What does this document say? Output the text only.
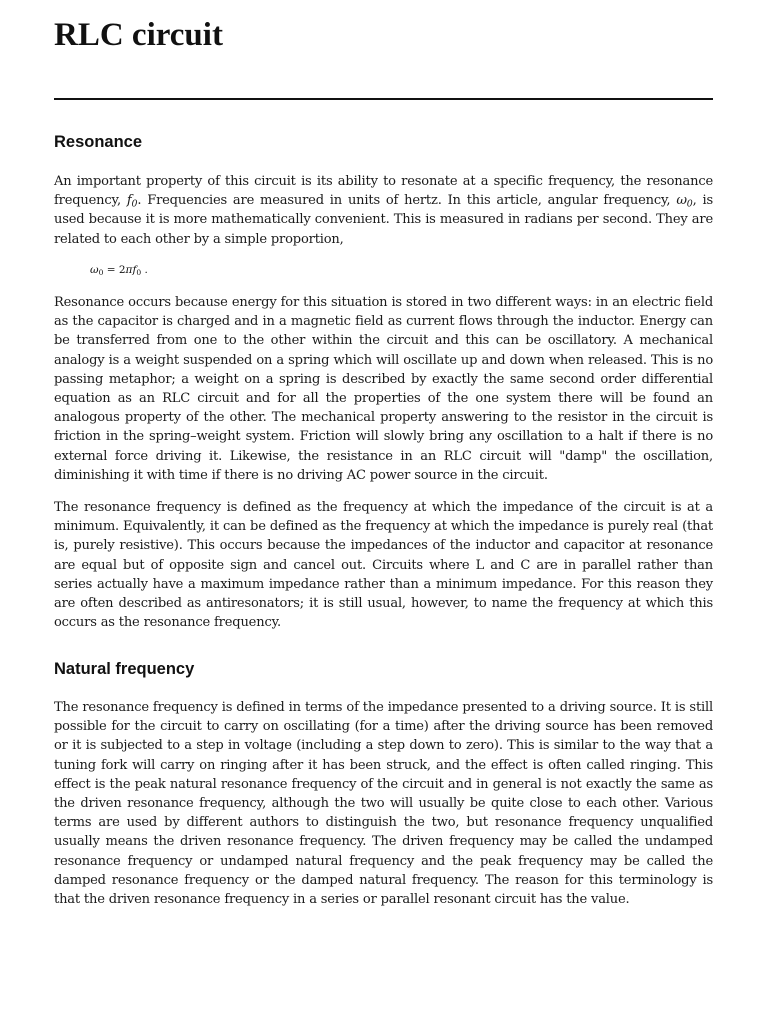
RLC circuit
Resonance

An important property of this circuit is its ability to resonate at a specific frequency, the resonance frequency, $f_0$. Frequencies are measured in units of hertz. In this article, angular frequency, $\omega_0$, is used because it is more mathematically convenient. This is measured in radians per second. They are related to each other by a simple proportion,

$\omega_0 = 2\pi f_0$ .

Resonance occurs because energy for this situation is stored in two different ways: in an electric field as the capacitor is charged and in a magnetic field as current flows through the inductor. Energy can be transferred from one to the other within the circuit and this can be oscillatory. A mechanical analogy is a weight suspended on a spring which will oscillate up and down when released. This is no passing metaphor; a weight on a spring is described by exactly the same second order differential equation as an RLC circuit and for all the properties of the one system there will be found an analogous property of the other. The mechanical property answering to the resistor in the circuit is friction in the spring–weight system. Friction will slowly bring any oscillation to a halt if there is no external force driving it. Likewise, the resistance in an RLC circuit will "damp" the oscillation, diminishing it with time if there is no driving AC power source in the circuit.

The resonance frequency is defined as the frequency at which the impedance of the circuit is at a minimum. Equivalently, it can be defined as the frequency at which the impedance is purely real (that is, purely resistive). This occurs because the impedances of the inductor and capacitor at resonance are equal but of opposite sign and cancel out. Circuits where L and C are in parallel rather than series actually have a maximum impedance rather than a minimum impedance. For this reason they are often described as antiresonators; it is still usual, however, to name the frequency at which this occurs as the resonance frequency.

Natural frequency

The resonance frequency is defined in terms of the impedance presented to a driving source. It is still possible for the circuit to carry on oscillating (for a time) after the driving source has been removed or it is subjected to a step in voltage (including a step down to zero). This is similar to the way that a tuning fork will carry on ringing after it has been struck, and the effect is often called ringing. This effect is the peak natural resonance frequency of the circuit and in general is not exactly the same as the driven resonance frequency, although the two will usually be quite close to each other. Various terms are used by different authors to distinguish the two, but resonance frequency unqualified usually means the driven resonance frequency. The driven frequency may be called the undamped resonance frequency or undamped natural frequency and the peak frequency may be called the damped resonance frequency or the damped natural frequency. The reason for this terminology is that the driven resonance frequency in a series or parallel resonant circuit has the value.
